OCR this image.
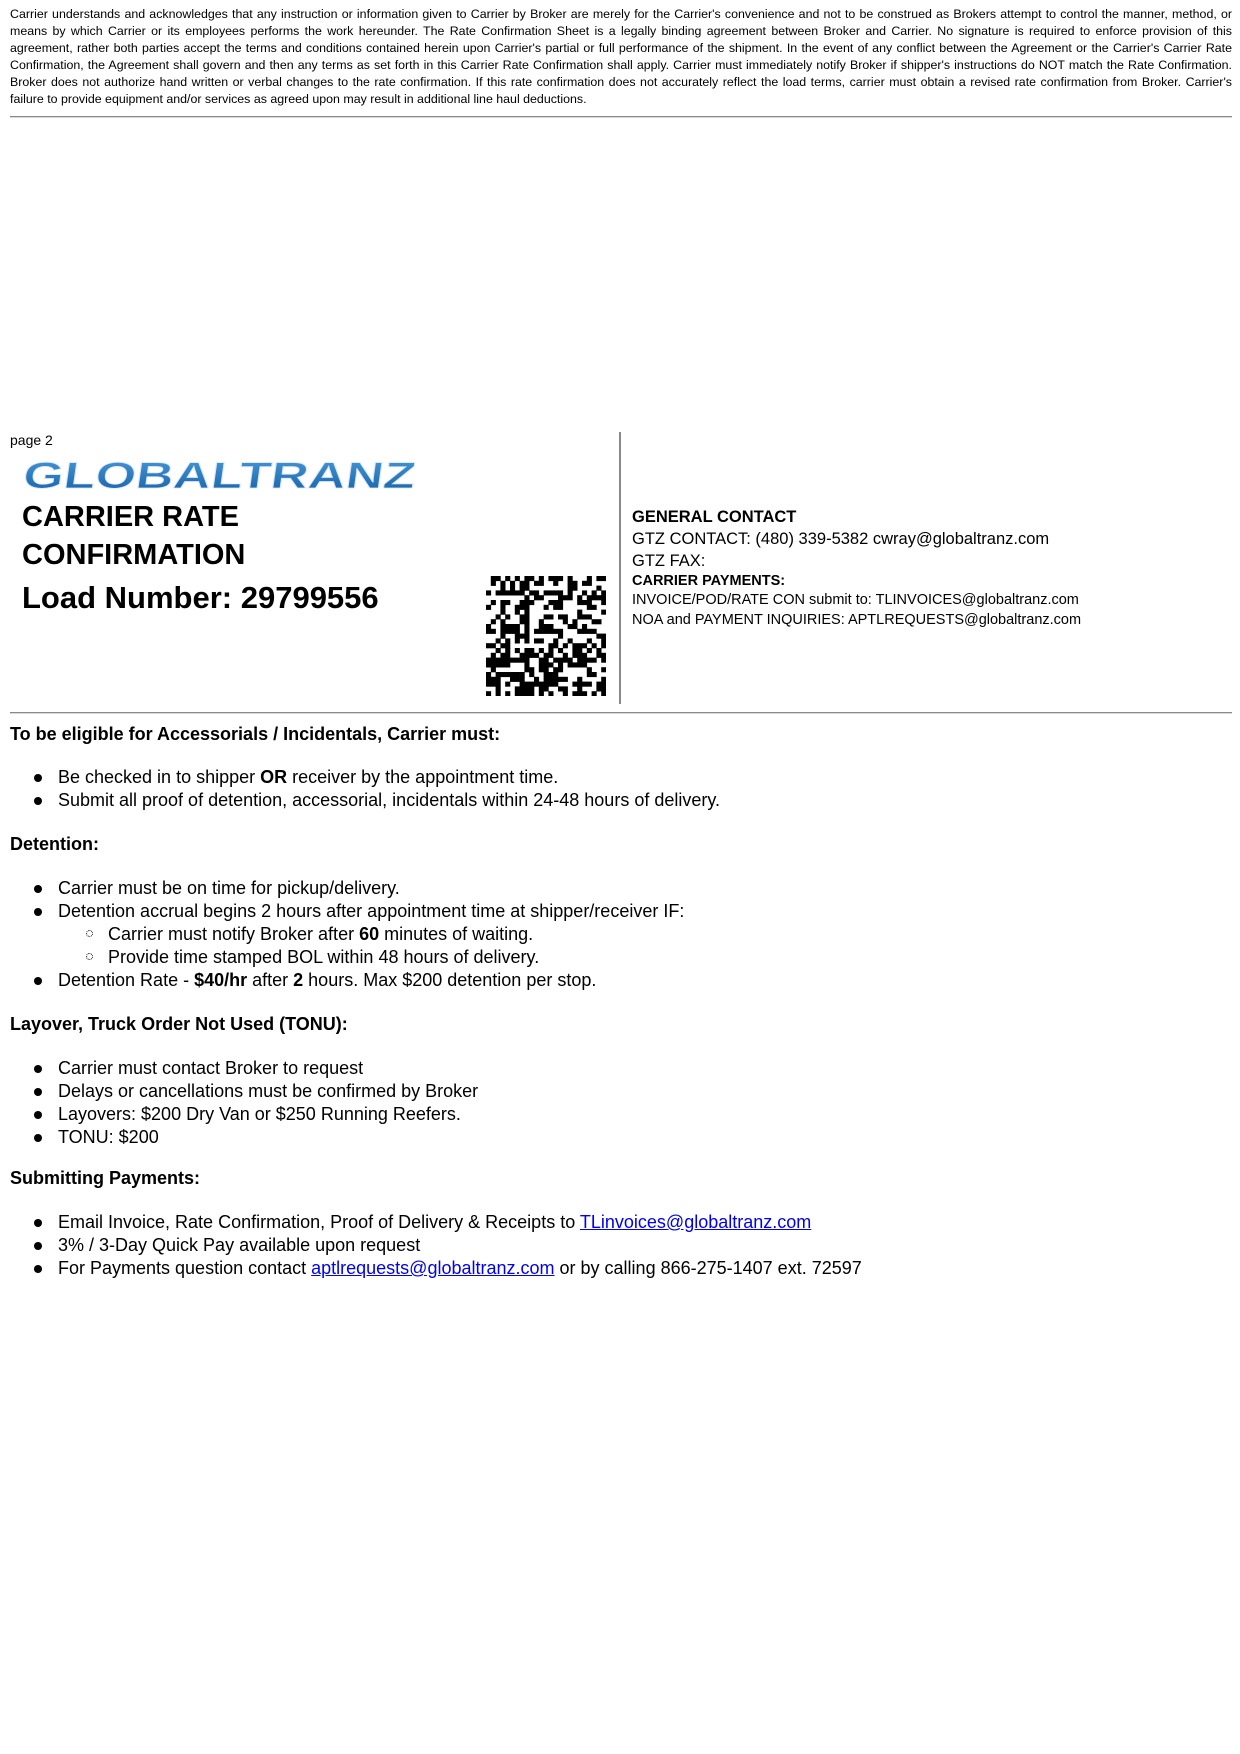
Carrier understands and acknowledges that any instruction or information given to Carrier by Broker are merely for the Carrier's convenience and not to be construed as Brokers attempt to control the manner, method, or means by which Carrier or its employees performs the work hereunder. The Rate Confirmation Sheet is a legally binding agreement between Broker and Carrier. No signature is required to enforce provision of this agreement, rather both parties accept the terms and conditions contained herein upon Carrier's partial or full performance of the shipment. In the event of any conflict between the Agreement or the Carrier's Carrier Rate Confirmation, the Agreement shall govern and then any terms as set forth in this Carrier Rate Confirmation shall apply. Carrier must immediately notify Broker if shipper's instructions do NOT match the Rate Confirmation. Broker does not authorize hand written or verbal changes to the rate confirmation. If this rate confirmation does not accurately reflect the load terms, carrier must obtain a revised rate confirmation from Broker. Carrier's failure to provide equipment and/or services as agreed upon may result in additional line haul deductions.
page 2
GLOBALTRANZ
CARRIER RATE
CONFIRMATION
Load Number: 29799556
GENERAL CONTACT
GTZ CONTACT: (480) 339-5382 cwray@globaltranz.com
GTZ FAX:
CARRIER PAYMENTS:
INVOICE/POD/RATE CON submit to: TLINVOICES@globaltranz.com
NOA and PAYMENT INQUIRIES: APTLREQUESTS@globaltranz.com
To be eligible for Accessorials / Incidentals, Carrier must:
Be checked in to shipper OR receiver by the appointment time.
Submit all proof of detention, accessorial, incidentals within 24-48 hours of delivery.
Detention:
Carrier must be on time for pickup/delivery.
Detention accrual begins 2 hours after appointment time at shipper/receiver IF:
Carrier must notify Broker after 60 minutes of waiting.
Provide time stamped BOL within 48 hours of delivery.
Detention Rate - $40/hr after 2 hours. Max $200 detention per stop.
Layover, Truck Order Not Used (TONU):
Carrier must contact Broker to request
Delays or cancellations must be confirmed by Broker
Layovers: $200 Dry Van or $250 Running Reefers.
TONU: $200
Submitting Payments:
Email Invoice, Rate Confirmation, Proof of Delivery & Receipts to TLinvoices@globaltranz.com
3% / 3-Day Quick Pay available upon request
For Payments question contact aptlrequests@globaltranz.com or by calling 866-275-1407 ext. 72597
